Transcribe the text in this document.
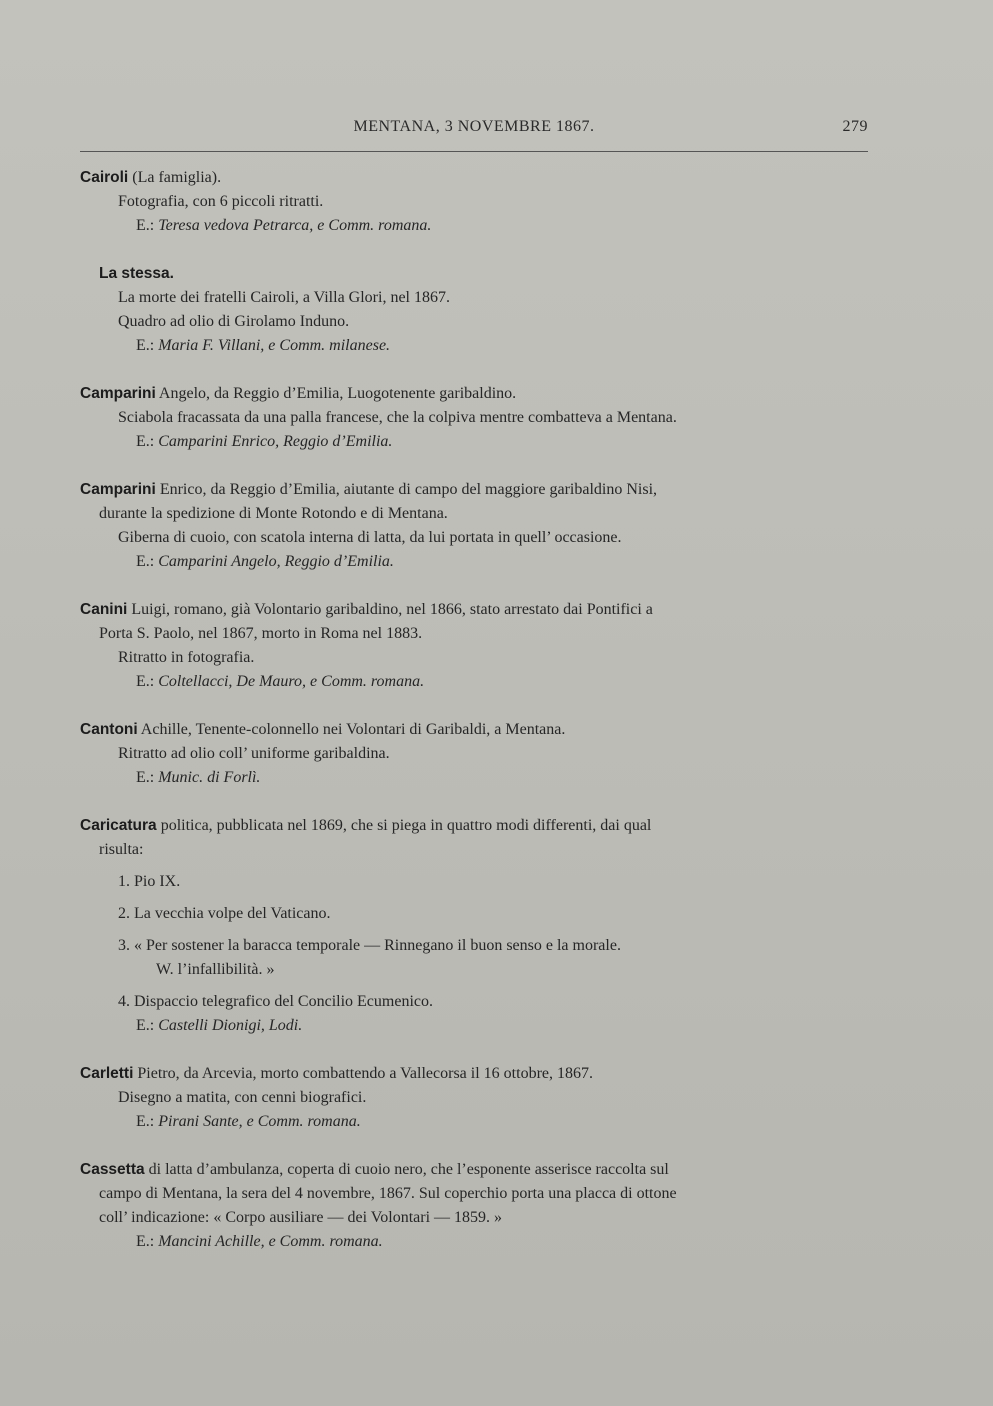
MENTANA, 3 NOVEMBRE 1867.	279

Cairoli (La famiglia).

Fotografia, con 6 piccoli ritratti.

E.: Teresa vedova Petrarca, e Comm. romana.

La stessa.

La morte dei fratelli Cairoli, a Villa Glori, nel 1867.

Quadro ad olio di Girolamo Induno.

E.: Maria F. Villani, e Comm. milanese.

Camparini Angelo, da Reggio d’Emilia, Luogotenente garibaldino.

Sciabola fracassata da una palla francese, che la colpiva mentre combatteva a Mentana.

E.: Camparini Enrico, Reggio d’Emilia.

Camparini Enrico, da Reggio d’Emilia, aiutante di campo del maggiore garibaldino Nisi,
durante la spedizione di Monte Rotondo e di Mentana.

Giberna di cuoio, con scatola interna di latta, da lui portata in quell’ occasione.

E.: Camparini Angelo, Reggio d’Emilia.

Canini Luigi, romano, già Volontario garibaldino, nel 1866, stato arrestato dai Pontifici a
Porta S. Paolo, nel 1867, morto in Roma nel 1883.

Ritratto in fotografia.

E.: Coltellacci, De Mauro, e Comm. romana.

Cantoni Achille, Tenente-colonnello nei Volontari di Garibaldi, a Mentana.

Ritratto ad olio coll’ uniforme garibaldina.

E.: Munic. di Forlì.

Caricatura politica, pubblicata nel 1869, che si piega in quattro modi differenti, dai qual
risulta:

1. Pio IX.
2. La vecchia volpe del Vaticano.
3. « Per sostener la baracca temporale — Rinnegano il buon senso e la morale.
W. l’infallibilità. »
4. Dispaccio telegrafico del Concilio Ecumenico.

E.: Castelli Dionigi, Lodi.

Carletti Pietro, da Arcevia, morto combattendo a Vallecorsa il 16 ottobre, 1867.

Disegno a matita, con cenni biografici.

E.: Pirani Sante, e Comm. romana.

Cassetta di latta d’ambulanza, coperta di cuoio nero, che l’esponente asserisce raccolta sul
campo di Mentana, la sera del 4 novembre, 1867. Sul coperchio porta una placca di ottone
coll’ indicazione: « Corpo ausiliare — dei Volontari — 1859. »

E.: Mancini Achille, e Comm. romana.
